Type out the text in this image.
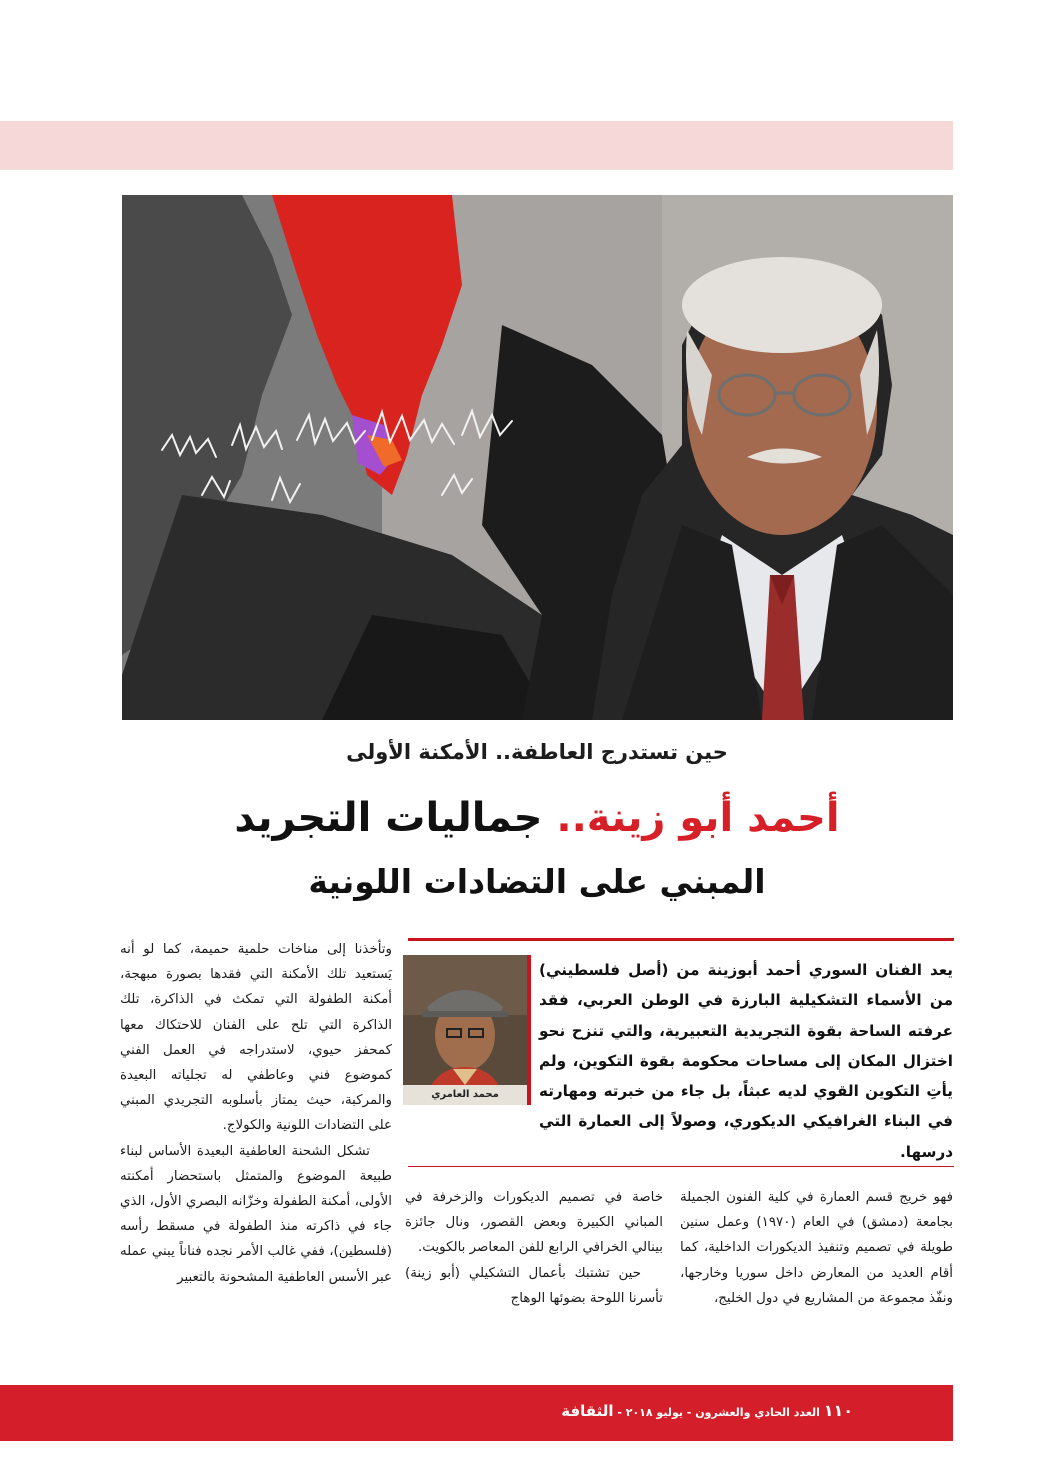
حين تستدرج العاطفة.. الأمكنة الأولى
أحمد أبو زينة.. جماليات التجريد
المبني على التضادات اللونية
محمد العامري
يعد الفنان السوري أحمد أبوزينة من (أصل فلسطيني) من الأسماء التشكيلية البارزة في الوطن العربي، فقد عرفته الساحة بقوة التجريدية التعبيرية، والتي تنزح نحو اختزال المكان إلى مساحات محكومة بقوة التكوين، ولم يأتِ التكوين القوي لديه عبثاً، بل جاء من خبرته ومهارته في البناء الغرافيكي الديكوري، وصولاً إلى العمارة التي درسها.

فهو خريج قسم العمارة في كلية الفنون الجميلة بجامعة (دمشق) في العام (١٩٧٠) وعمل سنين طويلة في تصميم وتنفيذ الديكورات الداخلية، كما أقام العديد من المعارض داخل سوريا وخارجها، ونفّذ مجموعة من المشاريع في دول الخليج،

خاصة في تصميم الديكورات والزخرفة في المباني الكبيرة وبعض القصور، ونال جائزة بينالي الخرافي الرابع للفن المعاصر بالكويت.

حين تشتبك بأعمال التشكيلي (أبو زينة) تأسرنا اللوحة بضوئها الوهاج

وتأخذنا إلى مناخات حلمية حميمة، كما لو أنه يَستعيد تلك الأمكنة التي فقدها بصورة مبهجة، أمكنة الطفولة التي تمكث في الذاكرة، تلك الذاكرة التي تلح على الفنان للاحتكاك معها كمحفز حيوي، لاستدراجه في العمل الفني كموضوع فني وعاطفي له تجلياته البعيدة والمركبة، حيث يمتاز بأسلوبه التجريدي المبني على التضادات اللونية والكولاج.

تشكل الشحنة العاطفية البعيدة الأساس لبناء طبيعة الموضوع والمتمثل باستحضار أمكنته الأولى، أمكنة الطفولة وخزّانه البصري الأول، الذي جاء في ذاكرته منذ الطفولة في مسقط رأسه (فلسطين)، ففي غالب الأمر نجده فناناً يبني عمله عبر الأسس العاطفية المشحونة بالتعبير

١١٠ العدد الحادي والعشرون - يوليو ٢٠١٨ - الثقافة
